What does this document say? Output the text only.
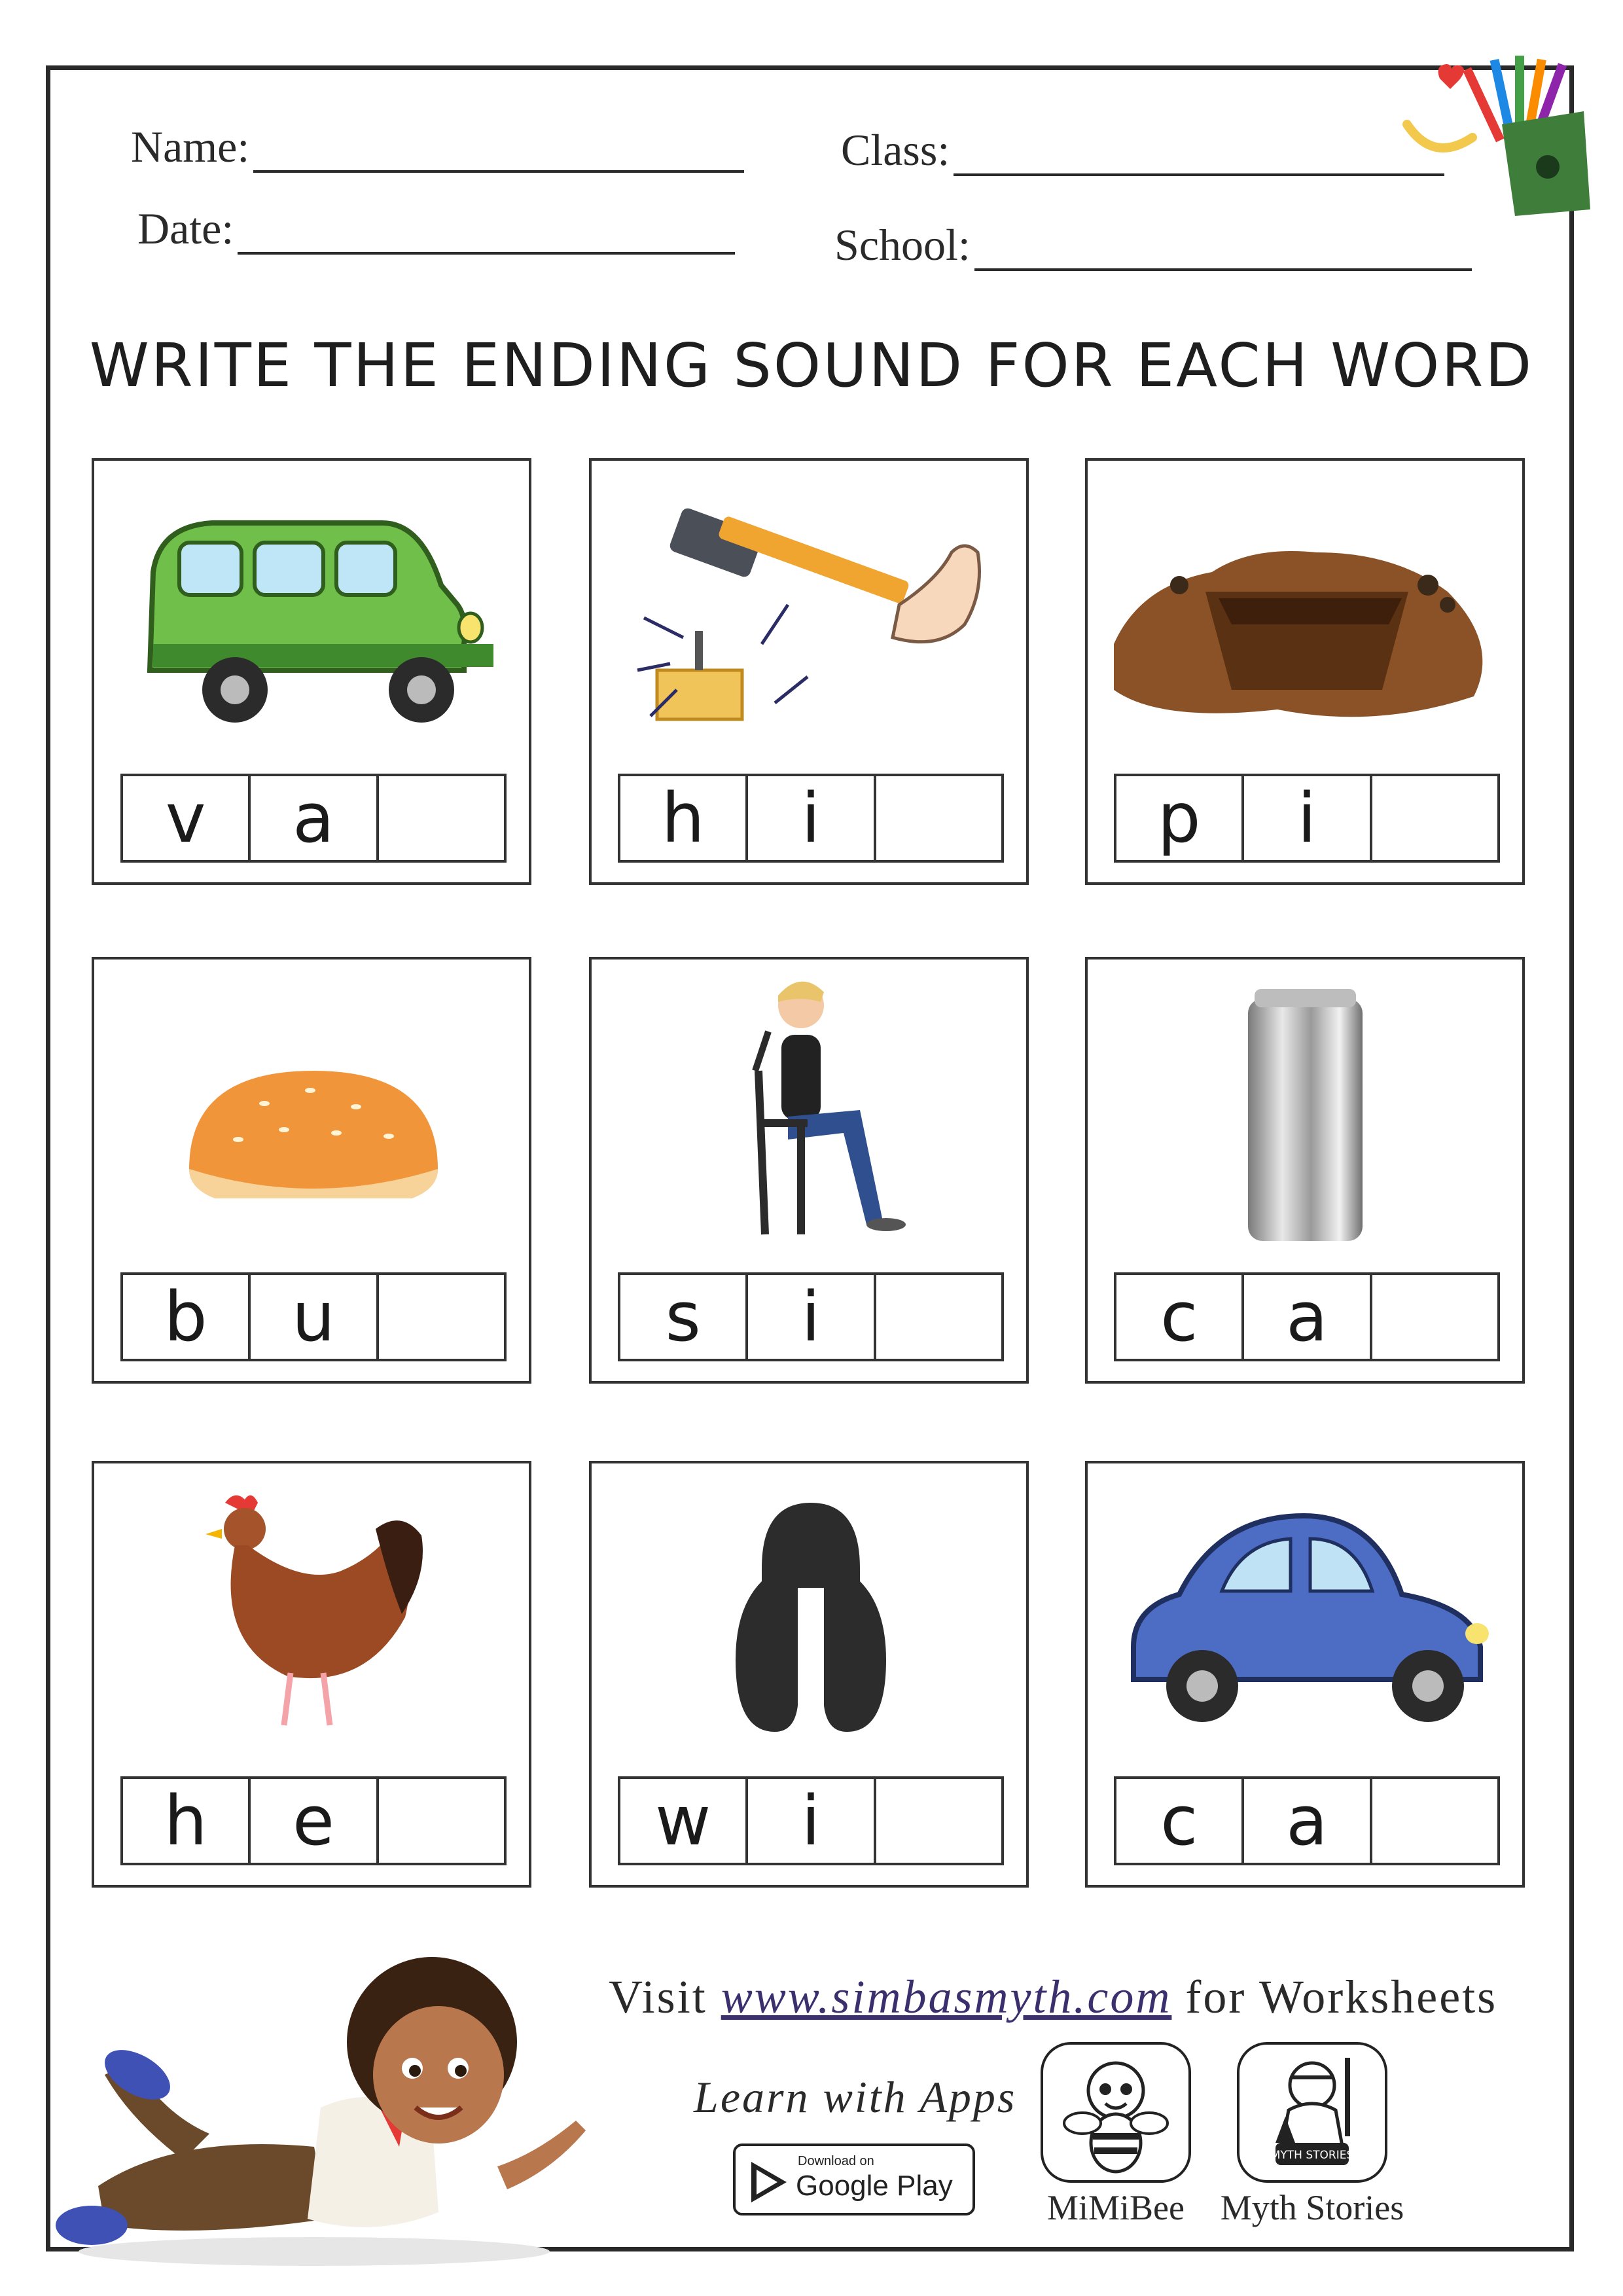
Name:	Class:
Date:	School:
WRITE THE ENDING SOUND FOR EACH WORD
v	a	h	i	p	i
b	u	s	i	c	a
h	e	w	i	c	a
Visit www.simbasmyth.com for Worksheets
Learn with Apps
Download on
Google Play
MiMiBee
MYTH STORIES
Myth Stories
